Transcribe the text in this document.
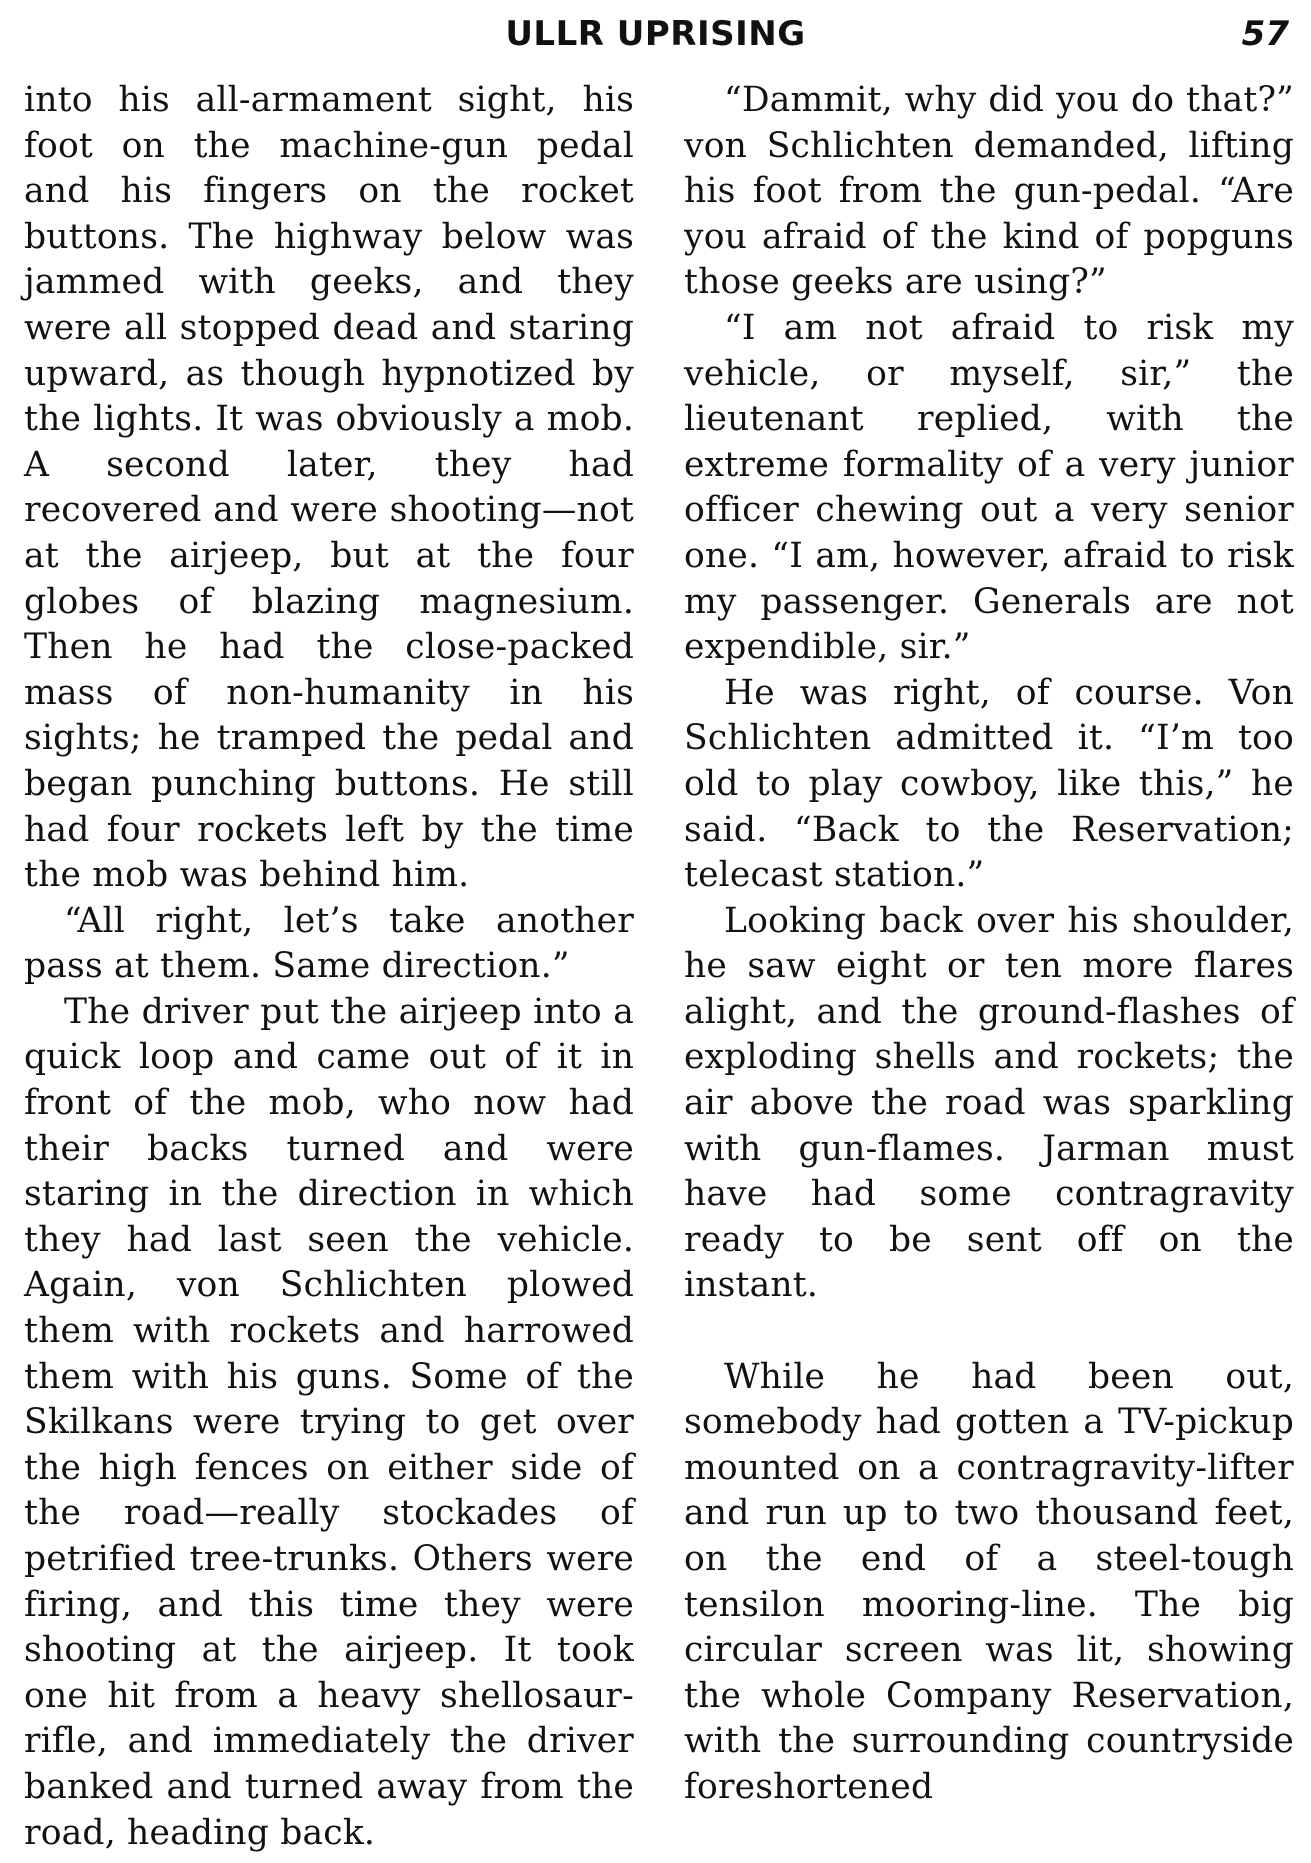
ULLR UPRISING	57

into his all-armament sight, his foot on the machine-gun pedal and his fingers on the rocket buttons. The highway below was jammed with geeks, and they were all stopped dead and staring upward, as though hypnotized by the lights. It was obviously a mob. A second later, they had recovered and were shooting—not at the airjeep, but at the four globes of blazing magnesium. Then he had the close-packed mass of non-humanity in his sights; he tramped the pedal and began punching buttons. He still had four rockets left by the time the mob was behind him.

“All right, let’s take another pass at them. Same direction.”

The driver put the airjeep into a quick loop and came out of it in front of the mob, who now had their backs turned and were staring in the direction in which they had last seen the vehicle. Again, von Schlichten plowed them with rockets and harrowed them with his guns. Some of the Skilkans were trying to get over the high fences on either side of the road—really stockades of petrified tree-trunks. Others were firing, and this time they were shooting at the airjeep. It took one hit from a heavy shellosaur-rifle, and immediately the driver banked and turned away from the road, heading back.

“Dammit, why did you do that?” von Schlichten demanded, lifting his foot from the gun-pedal. “Are you afraid of the kind of popguns those geeks are using?”

“I am not afraid to risk my vehicle, or myself, sir,” the lieutenant replied, with the extreme formality of a very junior officer chewing out a very senior one. “I am, however, afraid to risk my passenger. Generals are not expendible, sir.”

He was right, of course. Von Schlichten admitted it. “I’m too old to play cowboy, like this,” he said. “Back to the Reservation; telecast station.”

Looking back over his shoulder, he saw eight or ten more flares alight, and the ground-flashes of exploding shells and rockets; the air above the road was sparkling with gun-flames. Jarman must have had some contragravity ready to be sent off on the instant.

While he had been out, somebody had gotten a TV-pickup mounted on a contragravity-lifter and run up to two thousand feet, on the end of a steel-tough tensilon mooring-line. The big circular screen was lit, showing the whole Company Reservation, with the surrounding countryside foreshortened
